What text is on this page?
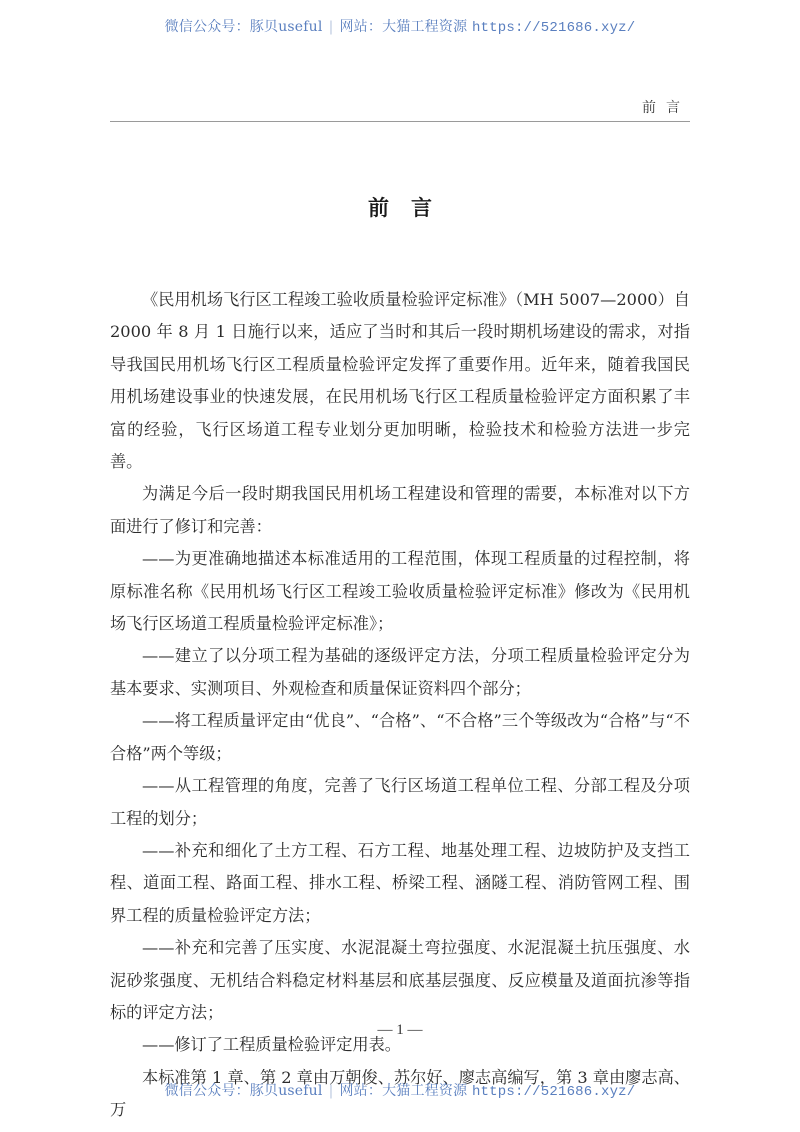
微信公众号：豚贝useful | 网站：大猫工程资源 https://521686.xyz/
前言
前言

《民用机场飞行区工程竣工验收质量检验评定标准》（MH 5007—2000）自 2000 年 8 月 1 日施行以来，适应了当时和其后一段时期机场建设的需求，对指导我国民用机场飞行区工程质量检验评定发挥了重要作用。近年来，随着我国民用机场建设事业的快速发展，在民用机场飞行区工程质量检验评定方面积累了丰富的经验，飞行区场道工程专业划分更加明晰，检验技术和检验方法进一步完善。

为满足今后一段时期我国民用机场工程建设和管理的需要，本标准对以下方面进行了修订和完善：

——为更准确地描述本标准适用的工程范围，体现工程质量的过程控制，将原标准名称《民用机场飞行区工程竣工验收质量检验评定标准》修改为《民用机场飞行区场道工程质量检验评定标准》；

——建立了以分项工程为基础的逐级评定方法，分项工程质量检验评定分为基本要求、实测项目、外观检查和质量保证资料四个部分；

——将工程质量评定由“优良”、“合格”、“不合格”三个等级改为“合格”与“不合格”两个等级；

——从工程管理的角度，完善了飞行区场道工程单位工程、分部工程及分项工程的划分；

——补充和细化了土方工程、石方工程、地基处理工程、边坡防护及支挡工程、道面工程、路面工程、排水工程、桥梁工程、涵隧工程、消防管网工程、围界工程的质量检验评定方法；

——补充和完善了压实度、水泥混凝土弯拉强度、水泥混凝土抗压强度、水泥砂浆强度、无机结合料稳定材料基层和底基层强度、反应模量及道面抗渗等指标的评定方法；

——修订了工程质量检验评定用表。

本标准第 1 章、第 2 章由万朝俊、苏尔好、廖志高编写，第 3 章由廖志高、万

— 1 —
微信公众号：豚贝useful | 网站：大猫工程资源 https://521686.xyz/
